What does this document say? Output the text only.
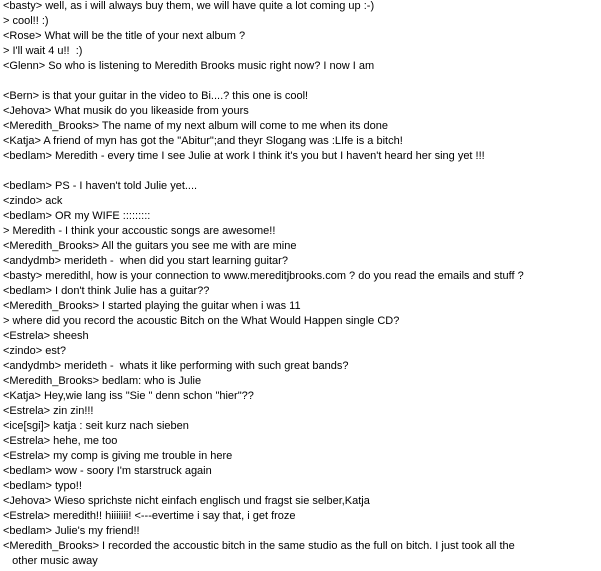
<basty> well, as i will always buy them, we will have quite a lot coming up :-)
> cool!! :)
<Rose> What will be the title of your next album ?
> I'll wait 4 u!!  :)
<Glenn> So who is listening to Meredith Brooks music right now? I now I am
<Bern> is that your guitar in the video to Bi....? this one is cool!
<Jehova> What musik do you likeaside from yours
<Meredith_Brooks> The name of my next album will come to me when its done
<Katja> A friend of myn has got the "Abitur";and theyr Slogang was :LIfe is a bitch!
<bedlam> Meredith - every time I see Julie at work I think it's you but I haven't heard her sing yet !!!
<bedlam> PS - I haven't told Julie yet....
<zindo> ack
<bedlam> OR my WIFE :::::::::
> Meredith - I think your accoustic songs are awesome!!
<Meredith_Brooks> All the guitars you see me with are mine
<andydmb> merideth -  when did you start learning guitar?
<basty> meredithl, how is your connection to www.mereditjbrooks.com ? do you read the emails and stuff ?
<bedlam> I don't think Julie has a guitar??
<Meredith_Brooks> I started playing the guitar when i was 11
> where did you record the acoustic Bitch on the What Would Happen single CD?
<Estrela> sheesh
<zindo> est?
<andydmb> merideth -  whats it like performing with such great bands?
<Meredith_Brooks> bedlam: who is Julie
<Katja> Hey,wie lang iss "Sie " denn schon "hier"??
<Estrela> zin zin!!!
<ice[sgi]> katja : seit kurz nach sieben
<Estrela> hehe, me too
<Estrela> my comp is giving me trouble in here
<bedlam> wow - soory I'm starstruck again
<bedlam> typo!!
<Jehova> Wieso sprichste nicht einfach englisch und fragst sie selber,Katja
<Estrela> meredith!! hiiiiiii! <---evertime i say that, i get froze
<bedlam> Julie's my friend!!
<Meredith_Brooks> I recorded the accoustic bitch in the same studio as the full on bitch. I just took all the
other music away
